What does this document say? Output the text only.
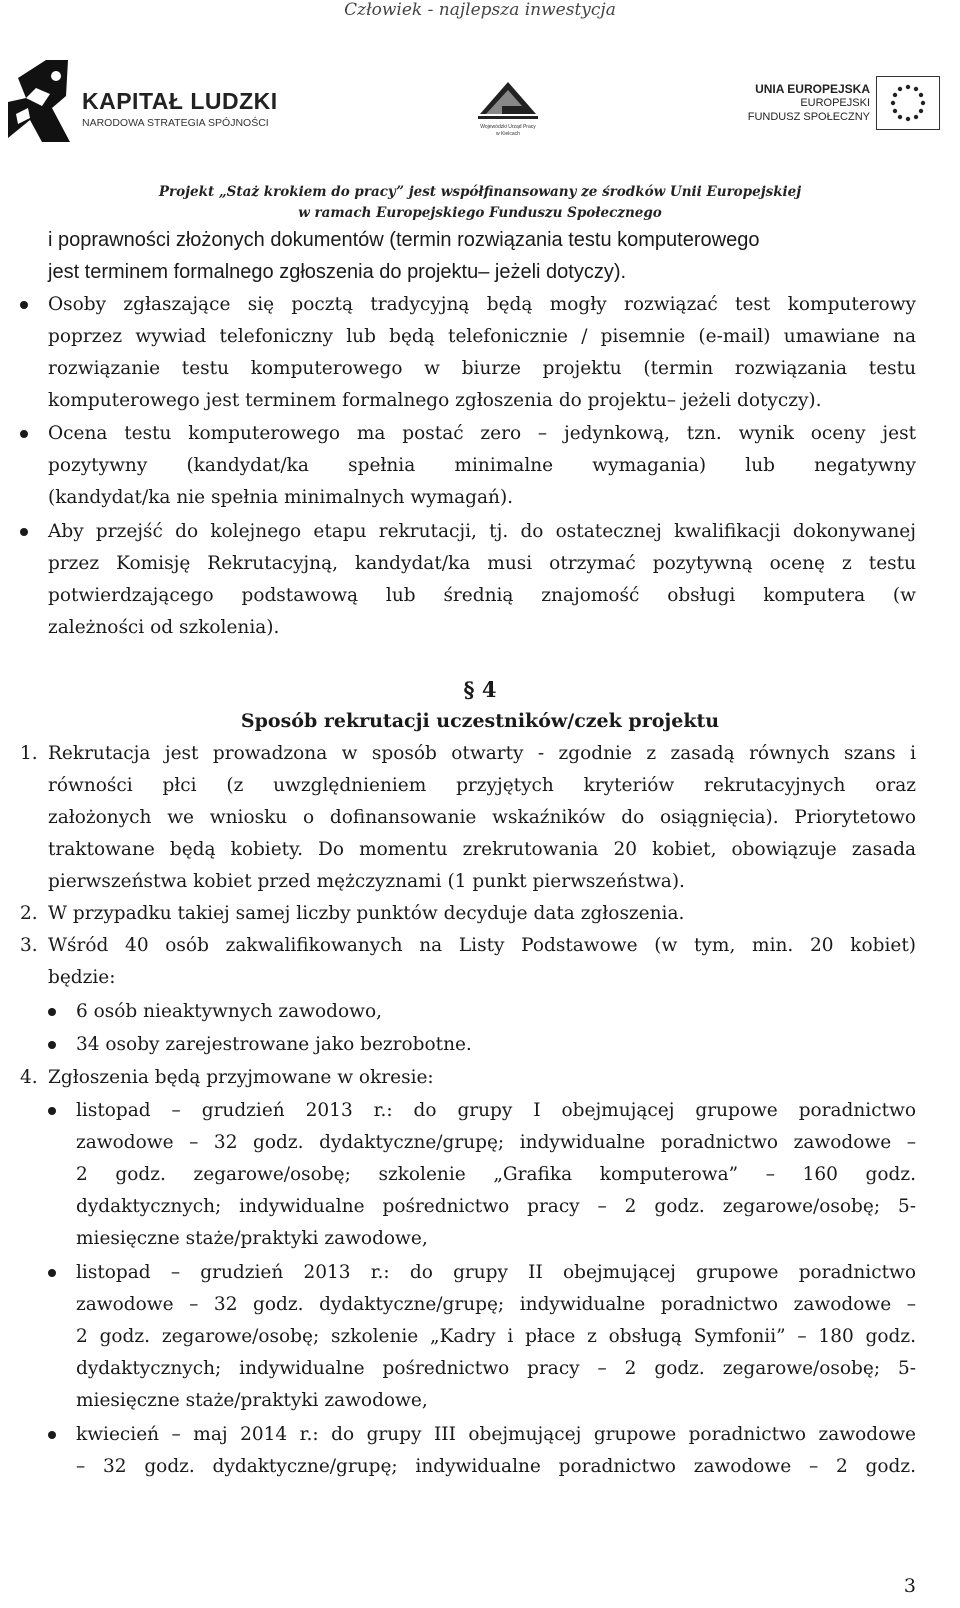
Człowiek - najlepsza inwestycja
KAPITAŁ LUDZKI
NARODOWA STRATEGIA SPÓJNOŚCI	Wojewódzki Urząd Pracy
w Kielcach
UNIA EUROPEJSKA
EUROPEJSKI
FUNDUSZ SPOŁECZNY
Projekt „Staż krokiem do pracy” jest współfinansowany ze środków Unii Europejskiej
w ramach Europejskiego Funduszu Społecznego
i poprawności złożonych dokumentów (termin rozwiązania testu komputerowego
jest terminem formalnego zgłoszenia do projektu– jeżeli dotyczy).
Osoby zgłaszające się pocztą tradycyjną będą mogły rozwiązać test komputerowy
poprzez wywiad telefoniczny lub będą telefonicznie / pisemnie (e-mail) umawiane na
rozwiązanie testu komputerowego w biurze projektu (termin rozwiązania testu
komputerowego jest terminem formalnego zgłoszenia do projektu– jeżeli dotyczy).
Ocena testu komputerowego ma postać zero – jedynkową, tzn. wynik oceny jest
pozytywny (kandydat/ka spełnia minimalne wymagania) lub negatywny
(kandydat/ka nie spełnia minimalnych wymagań).
Aby przejść do kolejnego etapu rekrutacji, tj. do ostatecznej kwalifikacji dokonywanej
przez Komisję Rekrutacyjną, kandydat/ka musi otrzymać pozytywną ocenę z testu
potwierdzającego podstawową lub średnią znajomość obsługi komputera (w
zależności od szkolenia).
§ 4
Sposób rekrutacji uczestników/czek projektu
1. Rekrutacja jest prowadzona w sposób otwarty - zgodnie z zasadą równych szans i
równości płci (z uwzględnieniem przyjętych kryteriów rekrutacyjnych oraz
założonych we wniosku o dofinansowanie wskaźników do osiągnięcia). Priorytetowo
traktowane będą kobiety. Do momentu zrekrutowania 20 kobiet, obowiązuje zasada
pierwszeństwa kobiet przed mężczyznami (1 punkt pierwszeństwa).
2. W przypadku takiej samej liczby punktów decyduje data zgłoszenia.
3. Wśród 40 osób zakwalifikowanych na Listy Podstawowe (w tym, min. 20 kobiet)
będzie:
6 osób nieaktywnych zawodowo,
34 osoby zarejestrowane jako bezrobotne.
4. Zgłoszenia będą przyjmowane w okresie:
listopad – grudzień 2013 r.: do grupy I obejmującej grupowe poradnictwo
zawodowe – 32 godz. dydaktyczne/grupę; indywidualne poradnictwo zawodowe –
2 godz. zegarowe/osobę; szkolenie „Grafika komputerowa” – 160 godz.
dydaktycznych; indywidualne pośrednictwo pracy – 2 godz. zegarowe/osobę; 5-
miesięczne staże/praktyki zawodowe,
listopad – grudzień 2013 r.: do grupy II obejmującej grupowe poradnictwo
zawodowe – 32 godz. dydaktyczne/grupę; indywidualne poradnictwo zawodowe –
2 godz. zegarowe/osobę; szkolenie „Kadry i płace z obsługą Symfonii” – 180 godz.
dydaktycznych; indywidualne pośrednictwo pracy – 2 godz. zegarowe/osobę; 5-
miesięczne staże/praktyki zawodowe,
kwiecień – maj 2014 r.: do grupy III obejmującej grupowe poradnictwo zawodowe
– 32 godz. dydaktyczne/grupę; indywidualne poradnictwo zawodowe – 2 godz.
3
